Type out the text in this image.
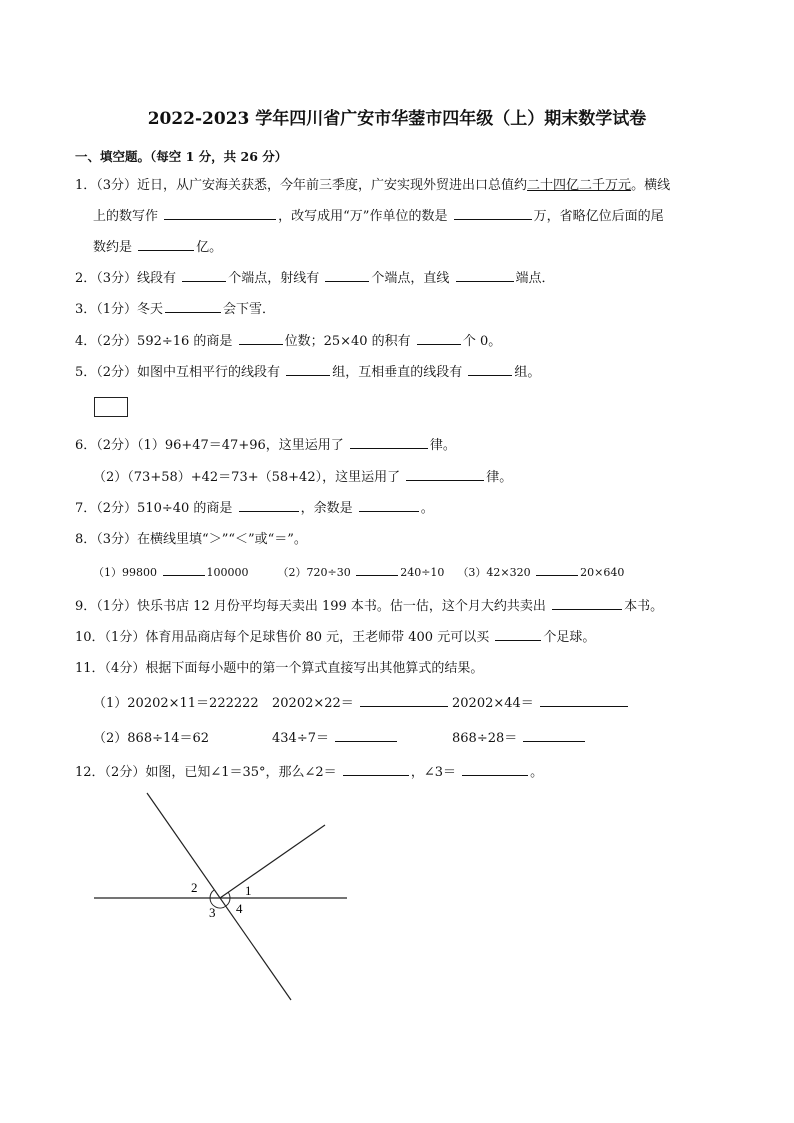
2022-2023 学年四川省广安市华蓥市四年级（上）期末数学试卷
一、填空题。（每空 1 分，共 26 分）
1．（3分）近日，从广安海关获悉，今年前三季度，广安实现外贸进出口总值约二十四亿二千万元。横线
上的数写作	，改写成用“万”作单位的数是	万，省略亿位后面的尾
数约是	亿。
2．（3分）线段有	个端点，射线有	个端点，直线	端点．
3．（1分）冬天	会下雪．
4．（2分）592÷16 的商是	位数；25×40 的积有	个 0。
5．（2分）如图中互相平行的线段有	组，互相垂直的线段有	组。
6．（2分）（1）96+47＝47+96，这里运用了	律。
（2）（73+58）+42＝73+（58+42），这里运用了	律。
7．（2分）510÷40 的商是	，余数是	。
8．（3分）在横线里填“＞”“＜”或“＝”。
（1）99800	100000	（2）720÷30	240÷10 （3）42×320	20×640
9．（1分）快乐书店 12 月份平均每天卖出 199 本书。估一估，这个月大约共卖出	本书。
10．（1分）体育用品商店每个足球售价 80 元，王老师带 400 元可以买	个足球。
11．（4分）根据下面每小题中的第一个算式直接写出其他算式的结果。
（1）20202×11＝222222 20202×22＝	20202×44＝
（2）868÷14＝62	434÷7＝	868÷28＝
12．（2分）如图，已知∠1＝35°，那么∠2＝	，∠3＝	。
1
2
3 4
